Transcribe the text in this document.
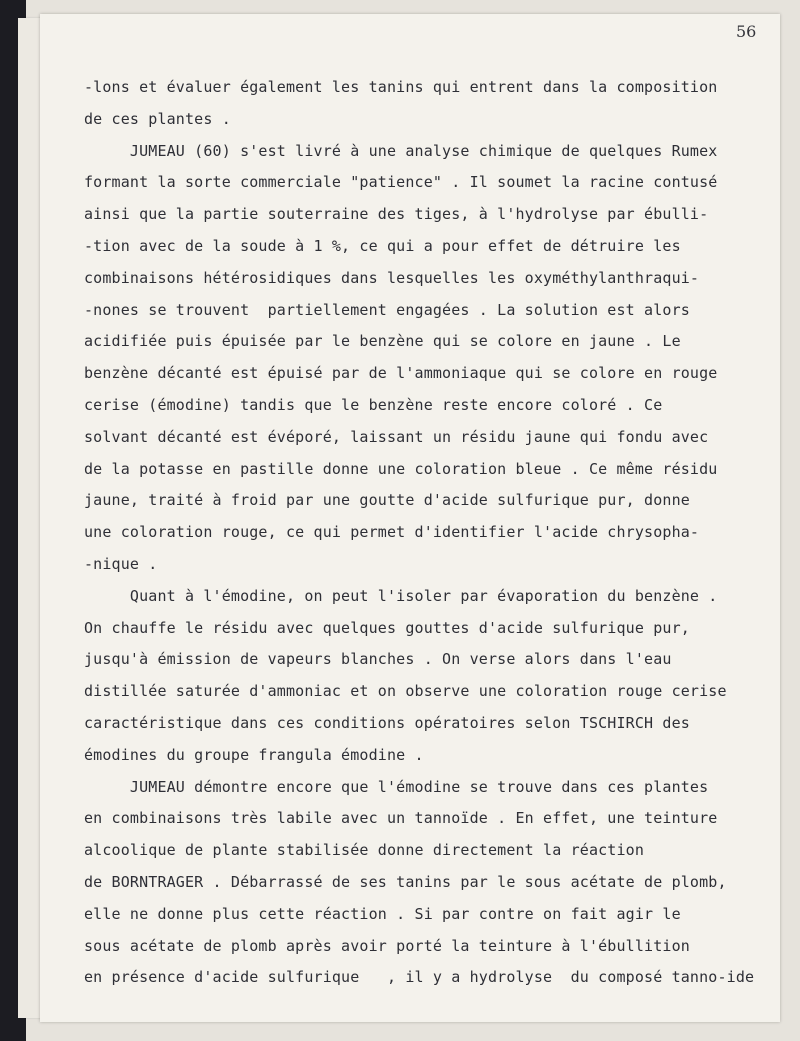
56
-lons et évaluer également les tanins qui entrent dans la composition
de ces plantes .
JUMEAU (60) s'est livré à une analyse chimique de quelques Rumex
formant la sorte commerciale "patience" . Il soumet la racine contusé
ainsi que la partie souterraine des tiges, à l'hydrolyse par ébulli-
-tion avec de la soude à 1 %, ce qui a pour effet de détruire les
combinaisons hétérosidiques dans lesquelles les oxyméthylanthraqui-
-nones se trouvent  partiellement engagées . La solution est alors
acidifiée puis épuisée par le benzène qui se colore en jaune . Le
benzène décanté est épuisé par de l'ammoniaque qui se colore en rouge
cerise (émodine) tandis que le benzène reste encore coloré . Ce
solvant décanté est évéporé, laissant un résidu jaune qui fondu avec
de la potasse en pastille donne une coloration bleue . Ce même résidu
jaune, traité à froid par une goutte d'acide sulfurique pur, donne
une coloration rouge, ce qui permet d'identifier l'acide chrysopha-
-nique .
Quant à l'émodine, on peut l'isoler par évaporation du benzène .
On chauffe le résidu avec quelques gouttes d'acide sulfurique pur,
jusqu'à émission de vapeurs blanches . On verse alors dans l'eau
distillée saturée d'ammoniac et on observe une coloration rouge cerise
caractéristique dans ces conditions opératoires selon TSCHIRCH des
émodines du groupe frangula émodine .
JUMEAU démontre encore que l'émodine se trouve dans ces plantes
en combinaisons très labile avec un tannoïde . En effet, une teinture
alcoolique de plante stabilisée donne directement la réaction
de BORNTRAGER . Débarrassé de ses tanins par le sous acétate de plomb,
elle ne donne plus cette réaction . Si par contre on fait agir le
sous acétate de plomb après avoir porté la teinture à l'ébullition
en présence d'acide sulfurique   , il y a hydrolyse  du composé tanno-ide
